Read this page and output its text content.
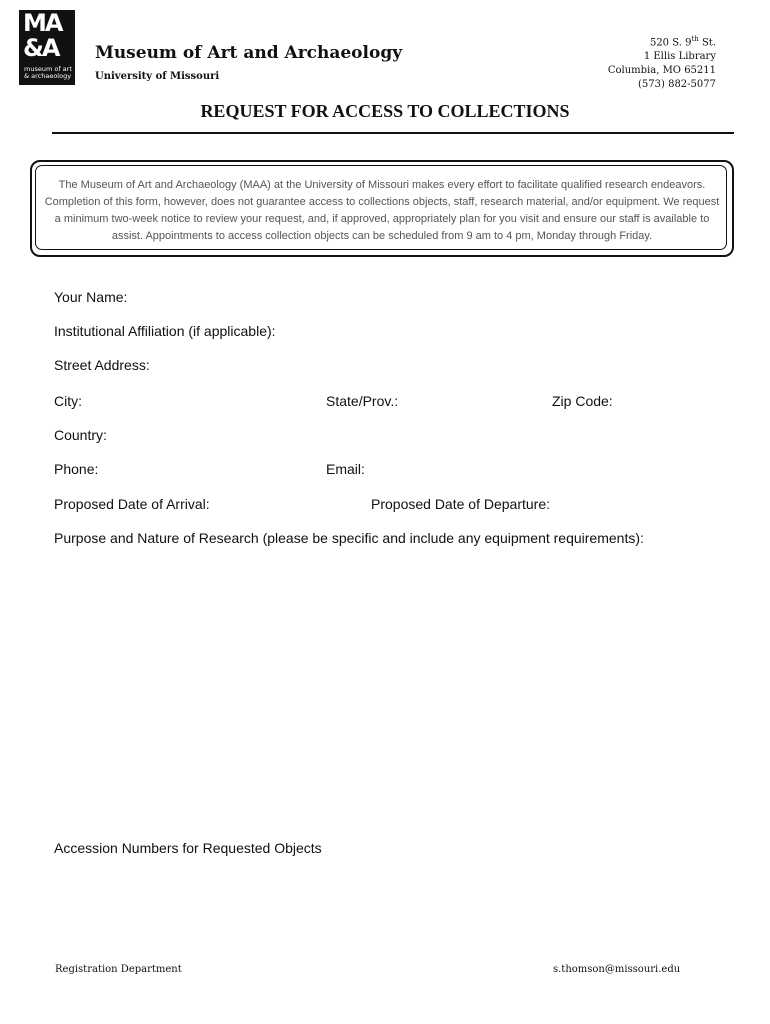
MA
&A
museum of art
& archaeology
Museum of Art and Archaeology
University of Missouri
520 S. 9th St.
1 Ellis Library
Columbia, MO 65211
(573) 882-5077
REQUEST FOR ACCESS TO COLLECTIONS
The Museum of Art and Archaeology (MAA) at the University of Missouri makes every effort to facilitate qualified research endeavors. Completion of this form, however, does not guarantee access to collections objects, staff, research material, and/or equipment. We request a minimum two-week notice to review your request, and, if approved, appropriately plan for you visit and ensure our staff is available to assist. Appointments to access collection objects can be scheduled from 9 am to 4 pm, Monday through Friday.
Your Name:
Institutional Affiliation (if applicable):
Street Address:
City:	State/Prov.:	Zip Code:
Country:
Phone:	Email:
Proposed Date of Arrival:	Proposed Date of Departure:
Purpose and Nature of Research (please be specific and include any equipment requirements):
Accession Numbers for Requested Objects
Registration Department	s.thomson@missouri.edu
